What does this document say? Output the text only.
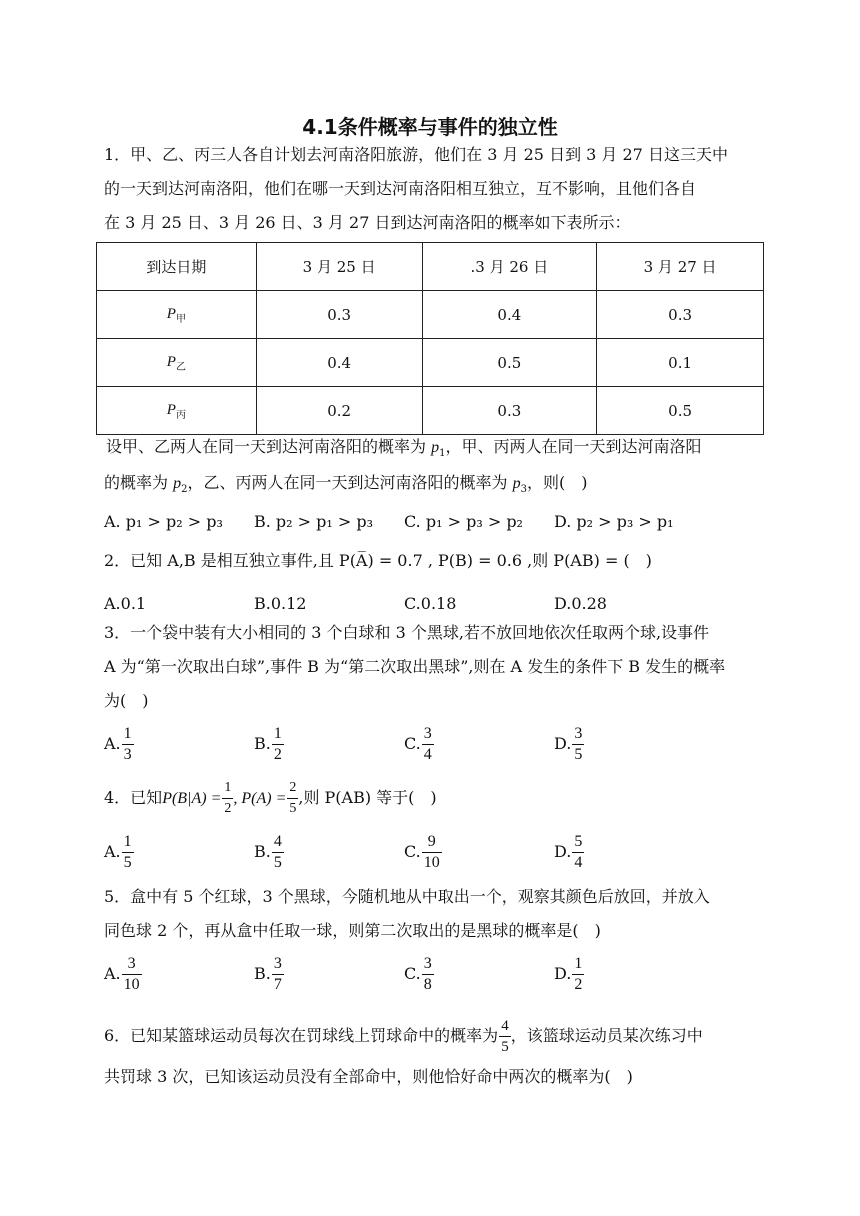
4.1条件概率与事件的独立性
1．甲、乙、丙三人各自计划去河南洛阳旅游，他们在 3 月 25 日到 3 月 27 日这三天中
的一天到达河南洛阳，他们在哪一天到达河南洛阳相互独立，互不影响，且他们各自
在 3 月 25 日、3 月 26 日、3 月 27 日到达河南洛阳的概率如下表所示：
到达日期	3 月 25 日	.3 月 26 日	3 月 27 日
$P_甲$	0.3	0.4	0.3
$P_乙$	0.4	0.5	0.1
$P_丙$	0.2	0.3	0.5
设甲、乙两人在同一天到达河南洛阳的概率为 $p_1$，甲、丙两人在同一天到达河南洛阳
的概率为 $p_2$，乙、丙两人在同一天到达河南洛阳的概率为 $p_3$，则(　)
A. p₁ > p₂ > p₃ B. p₂ > p₁ > p₃ C. p₁ > p₃ > p₂ D. p₂ > p₃ > p₁
2．已知 A,B 是相互独立事件,且 P(A̅) = 0.7 , P(B) = 0.6 ,则 P(AB) = (　)
A.0.1	B.0.12	C.0.18	D.0.28
3．一个袋中装有大小相同的 3 个白球和 3 个黑球,若不放回地依次任取两个球,设事件
A 为“第一次取出白球”,事件 B 为“第二次取出黑球”,则在 A 发生的条件下 B 发生的概率
为(　)
A. $\frac{1}{3}$	B. $\frac{1}{2}$	C. $\frac{3}{4}$	D. $\frac{3}{5}$
4．已知$P(B|A) = \frac{1}{2}$ , $P(A) = \frac{2}{5}$ ,则 P(AB) 等于(　)
A. $\frac{1}{5}$	B. $\frac{4}{5}$	C. $\frac{9}{10}$	D. $\frac{5}{4}$
5．盒中有 5 个红球，3 个黑球，今随机地从中取出一个，观察其颜色后放回，并放入
同色球 2 个，再从盒中任取一球，则第二次取出的是黑球的概率是(　)
A. $\frac{3}{10}$	B. $\frac{3}{7}$	C. $\frac{3}{8}$	D. $\frac{1}{2}$
6．已知某篮球运动员每次在罚球线上罚球命中的概率为 $\frac{4}{5}$ ，该篮球运动员某次练习中
共罚球 3 次，已知该运动员没有全部命中，则他恰好命中两次的概率为(　)
